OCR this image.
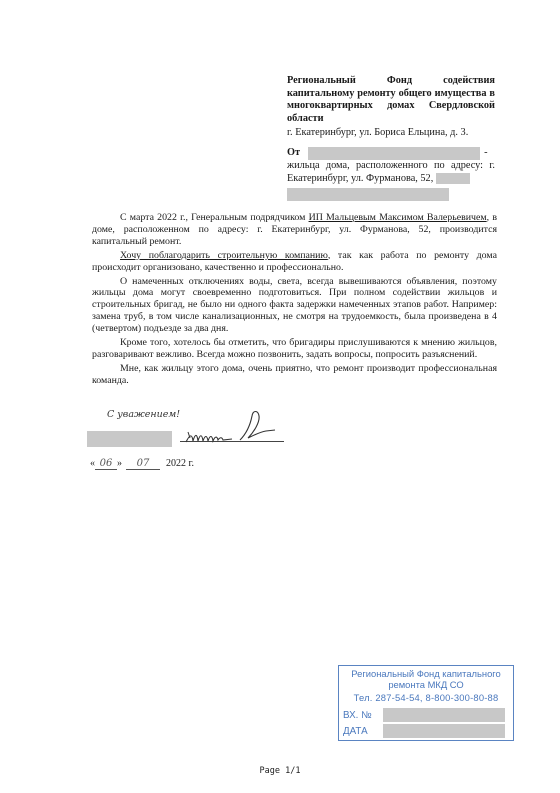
Региональный Фонд содействия капитальному ремонту общего имущества в многоквартирных домах Свердловской области
г. Екатеринбург, ул. Бориса Ельцина, д. 3.
От	-
жильца дома, расположенного по адресу: г. Екатеринбург, ул. Фурманова, 52,

С марта 2022 г., Генеральным подрядчиком ИП Мальцевым Максимом Валерьевичем, в доме, расположенном по адресу: г. Екатеринбург, ул. Фурманова, 52, производится капитальный ремонт.

Хочу поблагодарить строительную компанию, так как работа по ремонту дома происходит организовано, качественно и профессионально.

О намеченных отключениях воды, света, всегда вывешиваются объявления, поэтому жильцы дома могут своевременно подготовиться. При полном содействии жильцов и строительных бригад, не было ни одного факта задержки намеченных этапов работ. Например: замена труб, в том числе канализационных, не смотря на трудоемкость, была произведена в 4 (четвертом) подъезде за два дня.

Кроме того, хотелось бы отметить, что бригадиры прислушиваются к мнению жильцов, разговаривают вежливо. Всегда можно позвонить, задать вопросы, попросить разъяснений.

Мне, как жильцу этого дома, очень приятно, что ремонт производит профессиональная команда.

С уважением!
« 06 »	07	2022 г.
Региональный Фонд капитального
ремонта МКД СО
Тел. 287-54-54, 8-800-300-80-88
ВХ. №
ДАТА
Page 1/1
